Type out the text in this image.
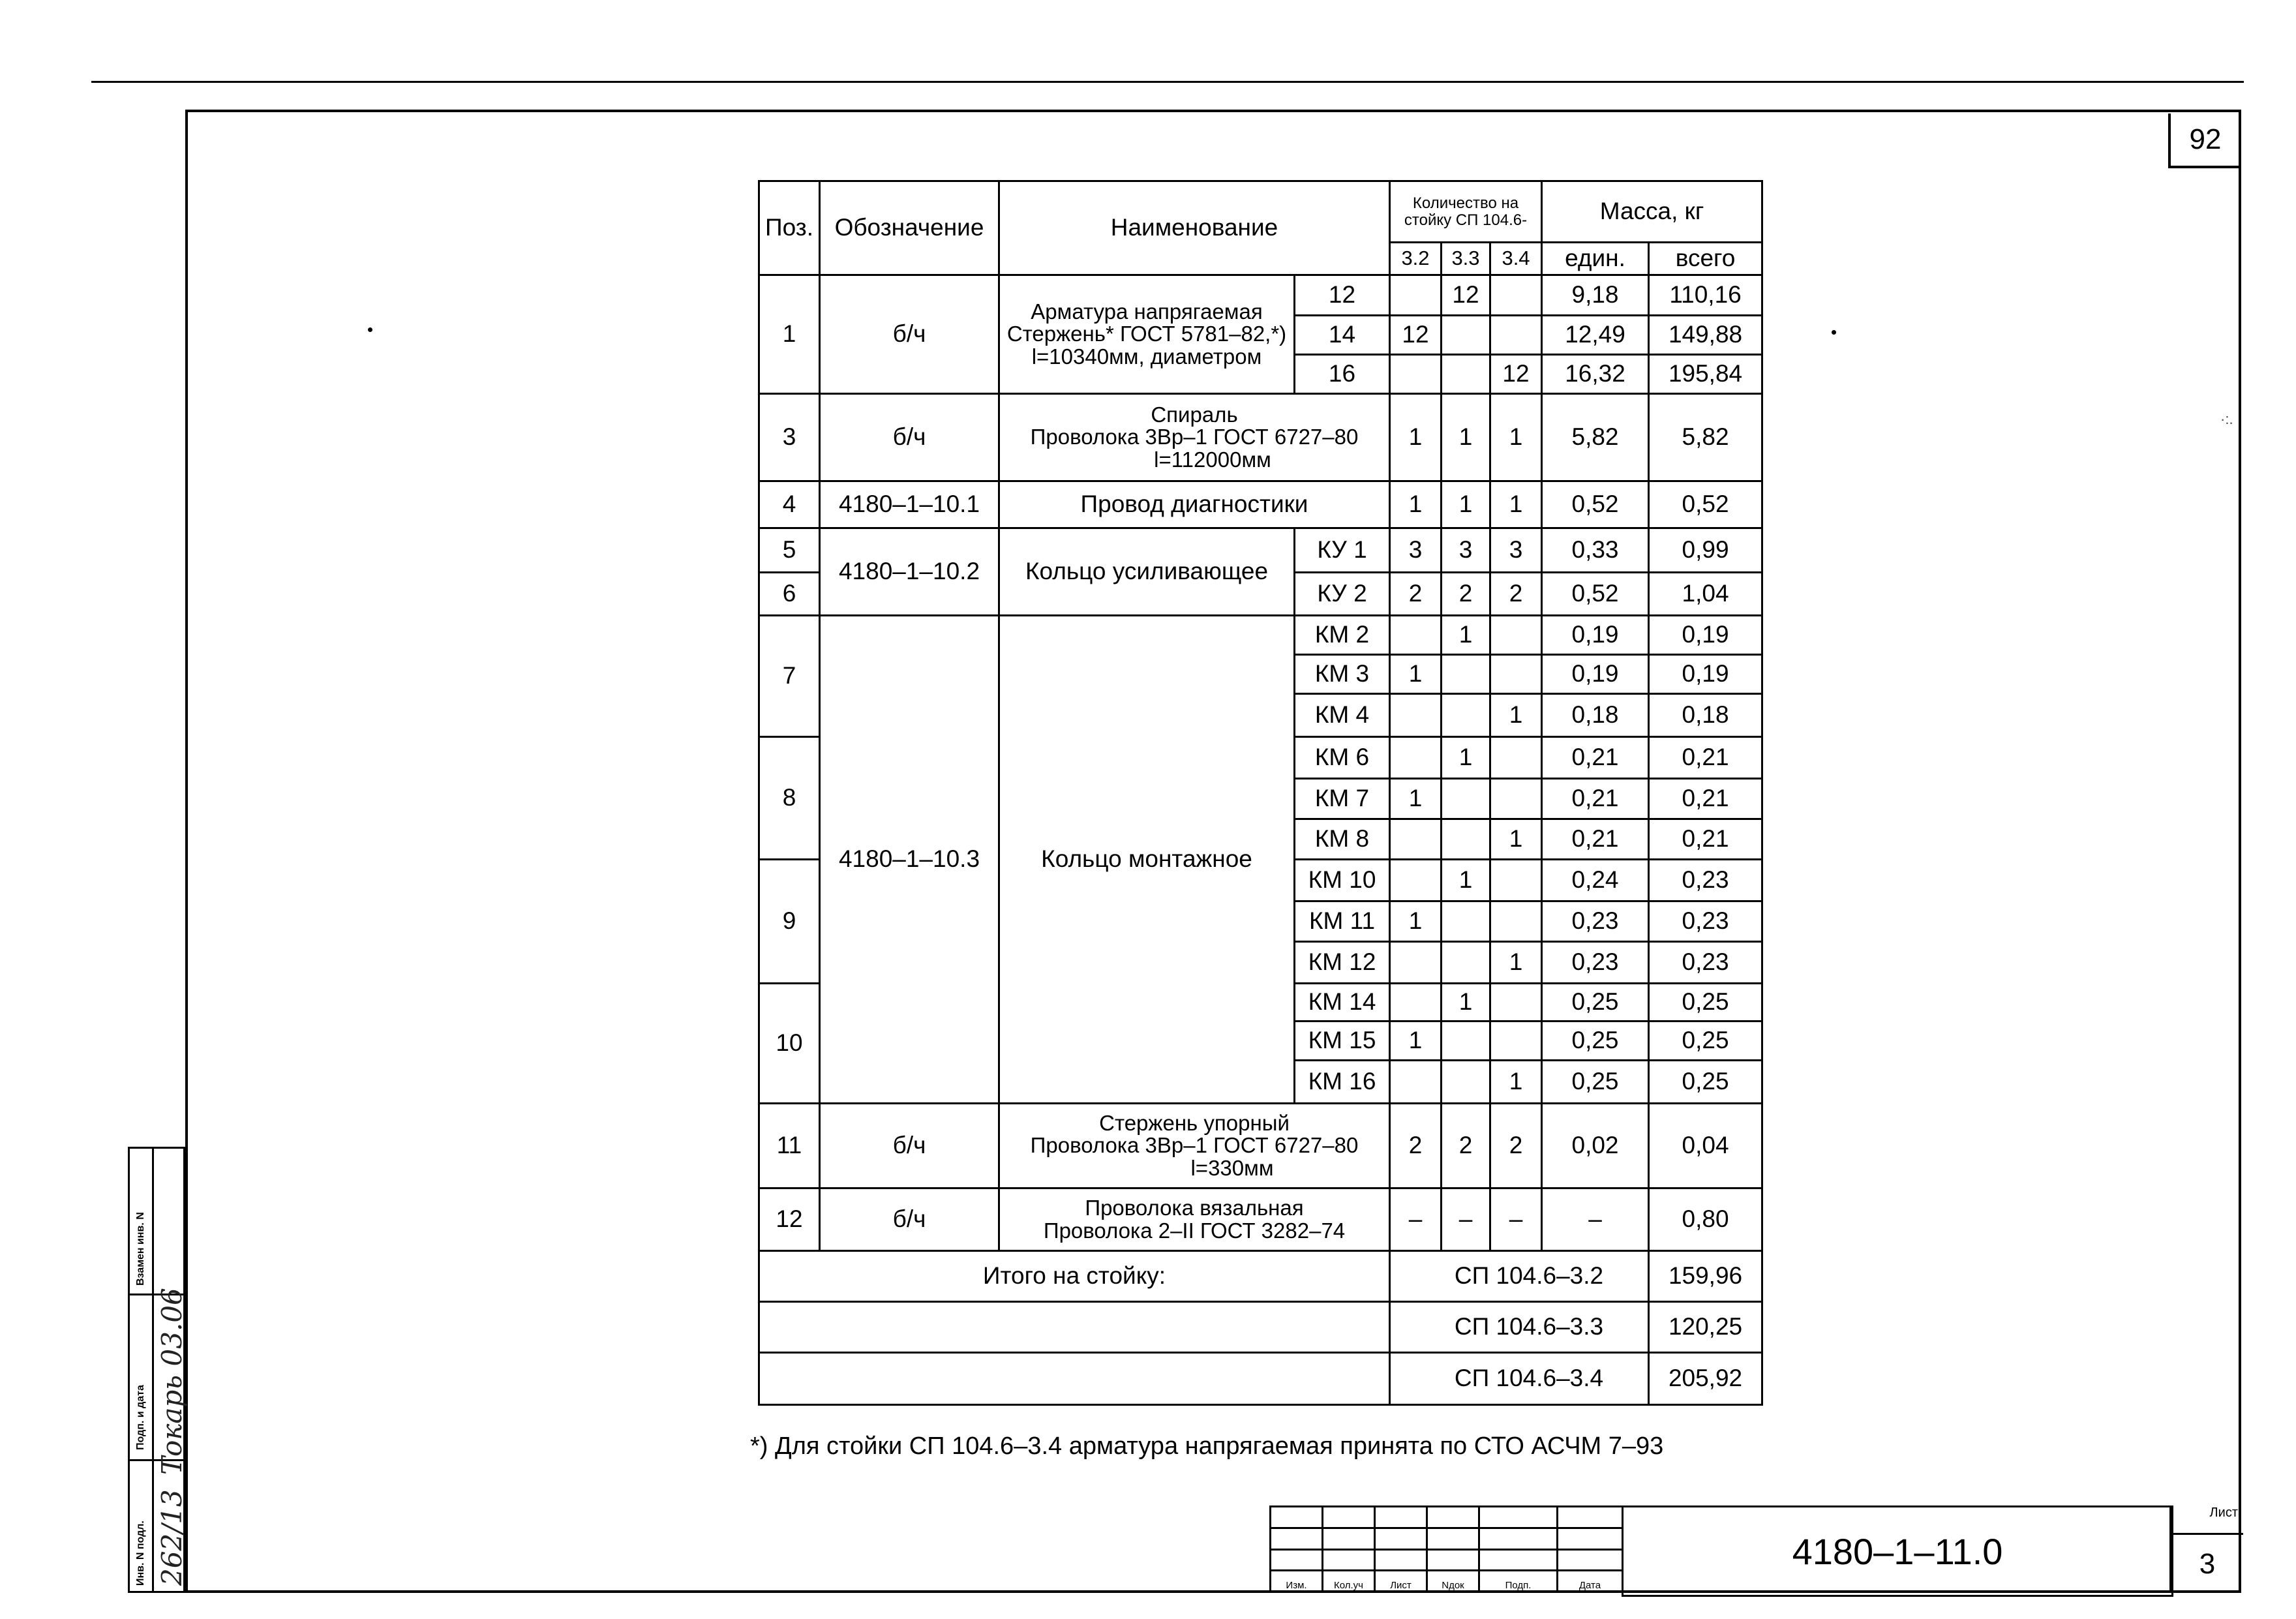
92
·:.
Поз.	Обозначение	Наименование		Количество на
стойку СП 104.6-			Масса, кг	
				3.2	3.3	3.4	един.	всего
1	б/ч	Арматура напрягаемая
Стержень* ГОСТ 5781–82,*)
l=10340мм, диаметром	12		12		9,18	110,16
			14	12			12,49	149,88
			16			12	16,32	195,84
3	б/ч	Спираль
Проволока 3Вр–1 ГОСТ 6727–80
l=112000мм		1	1	1	5,82	5,82
4	4180–1–10.1	Провод диагностики		1	1	1	0,52	0,52
5	4180–1–10.2	Кольцо усиливающее	КУ 1	3	3	3	0,33	0,99
6			КУ 2	2	2	2	0,52	1,04
7	4180–1–10.3	Кольцо монтажное	КМ 2		1		0,19	0,19
			КМ 3	1			0,19	0,19
			КМ 4			1	0,18	0,18
8			КМ 6		1		0,21	0,21
			КМ 7	1			0,21	0,21
			КМ 8			1	0,21	0,21
9			КМ 10		1		0,24	0,23
			КМ 11	1			0,23	0,23
			КМ 12			1	0,23	0,23
10			КМ 14		1		0,25	0,25
			КМ 15	1			0,25	0,25
			КМ 16			1	0,25	0,25
11	б/ч	Стержень упорный
Проволока 3Вр–1 ГОСТ 6727–80
l=330мм		2	2	2	0,02	0,04
12	б/ч	Проволока вязальная
Проволока 2–II ГОСТ 3282–74		–	–	–	–	0,80
Итого на стойку:				СП 104.6–3.2				159,96
				СП 104.6–3.3				120,25
				СП 104.6–3.4				205,92
*) Для стойки СП 104.6–3.4 арматура напрягаемая принята по СТО АСЧМ 7–93

Изм.	Кол.уч	Лист	Nдок	Подп.	Дата
4180–1–11.0
Лист
3
Инв. N подл.
Подп. и дата
Взамен инв. N
262/13
Токарь 03.06
